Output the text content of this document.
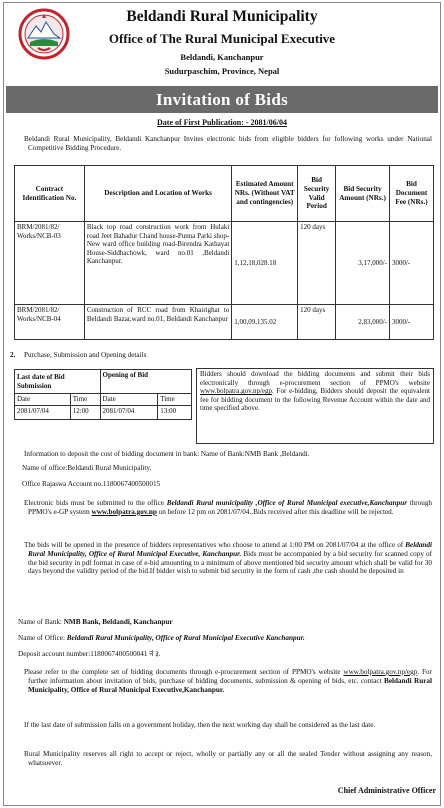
Beldandi Rural Municipality
Office of The Rural Municipal Executive
Beldandi, Kanchanpur
Sudurpaschim, Province, Nepal
Invitation of Bids
Date of First Publication: - 2081/06/04
Beldandi Rural Municipality, Beldandi Kanchanpur Invites electronic bids from eligible bidders for following works under National Competitive Bidding Procedure.
Contract Identification No.	Description and Location of Works	Estimated Amount NRs. (Without VAT and contingencies)	Bid Security Valid Period	Bid Security Amount (NRs.)	Bid Document Fee (NRs.)
BRM/2081/82/ Works/NCB-03	Black top road construction work from Hulaki road Jeet Bahadur Chand house-Punna Parki shop-New ward office building road-Birendra Kathayat House-Siddhachowk, ward no.01 ,Beldandi Kanchanpur.	1,12,18,028.18	120 days	3,17,000/-	3000/-
BRM/2081/82/ Works/NCB-04	Construction of RCC road from Khairighat to Beldandi Bazar,ward no.01, Beldandi Kanchanpur	1,00,09,135.02	120 days	2,83,000/-	3000/-
2. Purchase, Submission and Opening details
Last date of Bid Submission		Opening of Bid	
Date	Time	Date	Time
2081/07/04	12:00	2081/07/04	13:00
Bidders should download the bidding documents and submit their bids electronically through e-procurement section of PPMO's website www.bolpatra.gov.np/egp. For e-bidding, Bidders should deposit the equivalent fee for bidding document in the following Revenue Account within the date and time specified above.
Information to deposit the cost of bidding document in bank: Name of Bank:NMB Bank ,Beldandi.
Name of office:Beldandi Rural Municipality.
Office Rajaswa Account no.1180067400500015
Electronic bids must be submitted to the office Beldandi Rural municipality ,Office of Rural Municipal executive,Kanchanpur through PPMO's e-GP system www.bolpatra.gov.np on before 12 pm on 2081/07/04..Bids received after this deadline will be rejected.
The bids will be opened in the presence of bidders representatives who choose to attend at 1:00 PM on 2081/07/04 at the office of Beldandi Rural Municipality, Office of Rural Municipal Executive, Kanchanpur. Bids must be accompanied by a bid security for scanned copy of the bid security in pdf format in case of e-bid amounting to a minimum of above mentioned bid security amount which shall be valid for 30 days beyond the validity period of the bid.If bidder wish to submit bid security in the form of cash ,the cash should be deposited in
Name of Bank: NMB Bank, Beldandi, Kanchanpur
Name of Office: Beldandi Rural Municipality, Office of Rural Municipal Executive Kanchanpur.
Deposit account number:1180067400500041 नं ३.
Please refer to the complete set of bidding documents through e-procurement section of PPMO's website www.bolpatra.gov.np/egp. For further information about invitation of bids, purchase of bidding documents, submission & opening of bids, etc. contact Beldandi Rural Municipality, Office of Rural Municipal Executive,Kanchanpur.
If the last date of submission falls on a government holiday, then the next working day shall be considered as the last date.
Rural Municipality reserves all right to accept or reject, wholly or partially any or all the sealed Tender without assigning any reason, whatsoever.
Chief Administrative Officer
